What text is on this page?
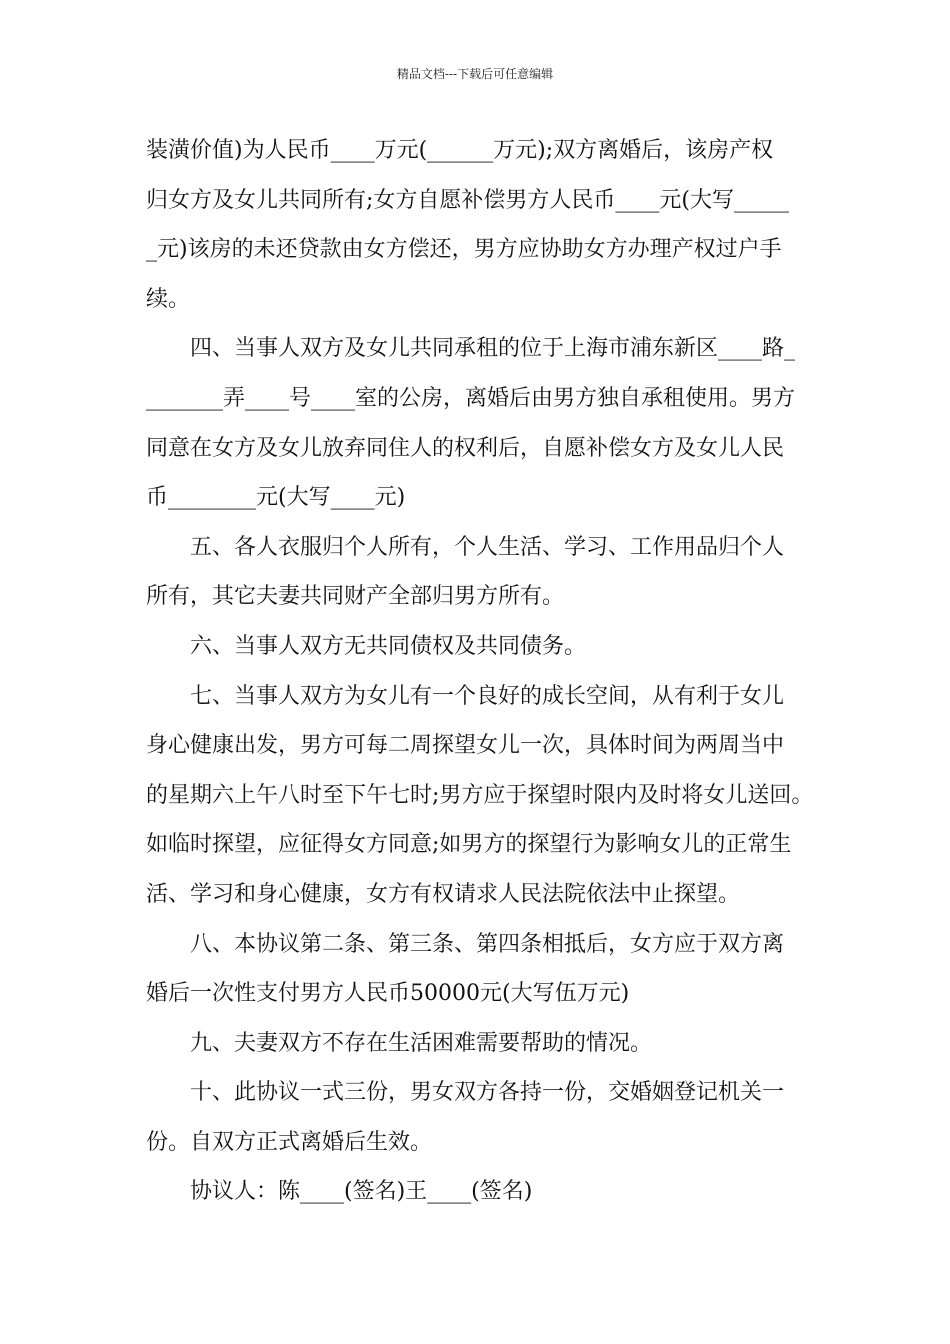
精品文档---下载后可任意编辑
装潢价值)为人民币____万元(______万元);双方离婚后，该房产权
归女方及女儿共同所有;女方自愿补偿男方人民币____元(大写_____
_元)该房的未还贷款由女方偿还，男方应协助女方办理产权过户手
续。
四、当事人双方及女儿共同承租的位于上海市浦东新区____路_
_______弄____号____室的公房，离婚后由男方独自承租使用。男方
同意在女方及女儿放弃同住人的权利后，自愿补偿女方及女儿人民
币________元(大写____元)
五、各人衣服归个人所有，个人生活、学习、工作用品归个人
所有，其它夫妻共同财产全部归男方所有。
六、当事人双方无共同债权及共同债务。
七、当事人双方为女儿有一个良好的成长空间，从有利于女儿
身心健康出发，男方可每二周探望女儿一次，具体时间为两周当中
的星期六上午八时至下午七时;男方应于探望时限内及时将女儿送回。
如临时探望，应征得女方同意;如男方的探望行为影响女儿的正常生
活、学习和身心健康，女方有权请求人民法院依法中止探望。
八、本协议第二条、第三条、第四条相抵后，女方应于双方离
婚后一次性支付男方人民币50000元(大写伍万元)
九、夫妻双方不存在生活困难需要帮助的情况。
十、此协议一式三份，男女双方各持一份，交婚姻登记机关一
份。自双方正式离婚后生效。
协议人：陈____(签名)王____(签名)
